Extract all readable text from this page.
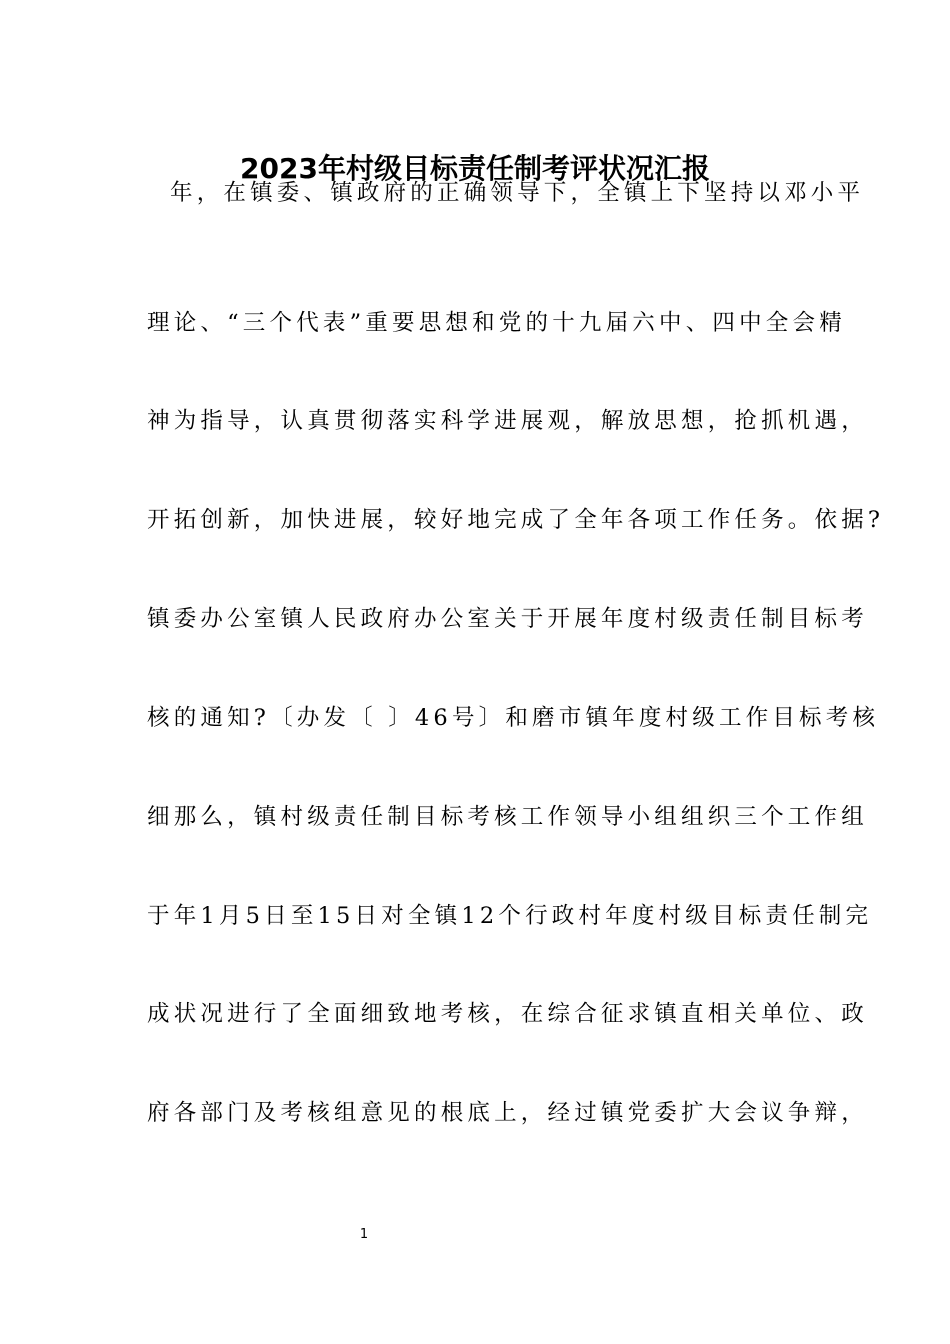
2023年村级目标责任制考评状况汇报
年，在镇委、镇政府的正确领导下，全镇上下坚持以邓小平
理论、“三个代表”重要思想和党的十九届六中、四中全会精
神为指导，认真贯彻落实科学进展观，解放思想，抢抓机遇，
开拓创新，加快进展，较好地完成了全年各项工作任务。依据?
镇委办公室镇人民政府办公室关于开展年度村级责任制目标考
核的通知?〔办发〔 〕46号〕和磨市镇年度村级工作目标考核
细那么，镇村级责任制目标考核工作领导小组组织三个工作组
于年1月5日至15日对全镇12个行政村年度村级目标责任制完
成状况进行了全面细致地考核，在综合征求镇直相关单位、政
府各部门及考核组意见的根底上，经过镇党委扩大会议争辩，
1
